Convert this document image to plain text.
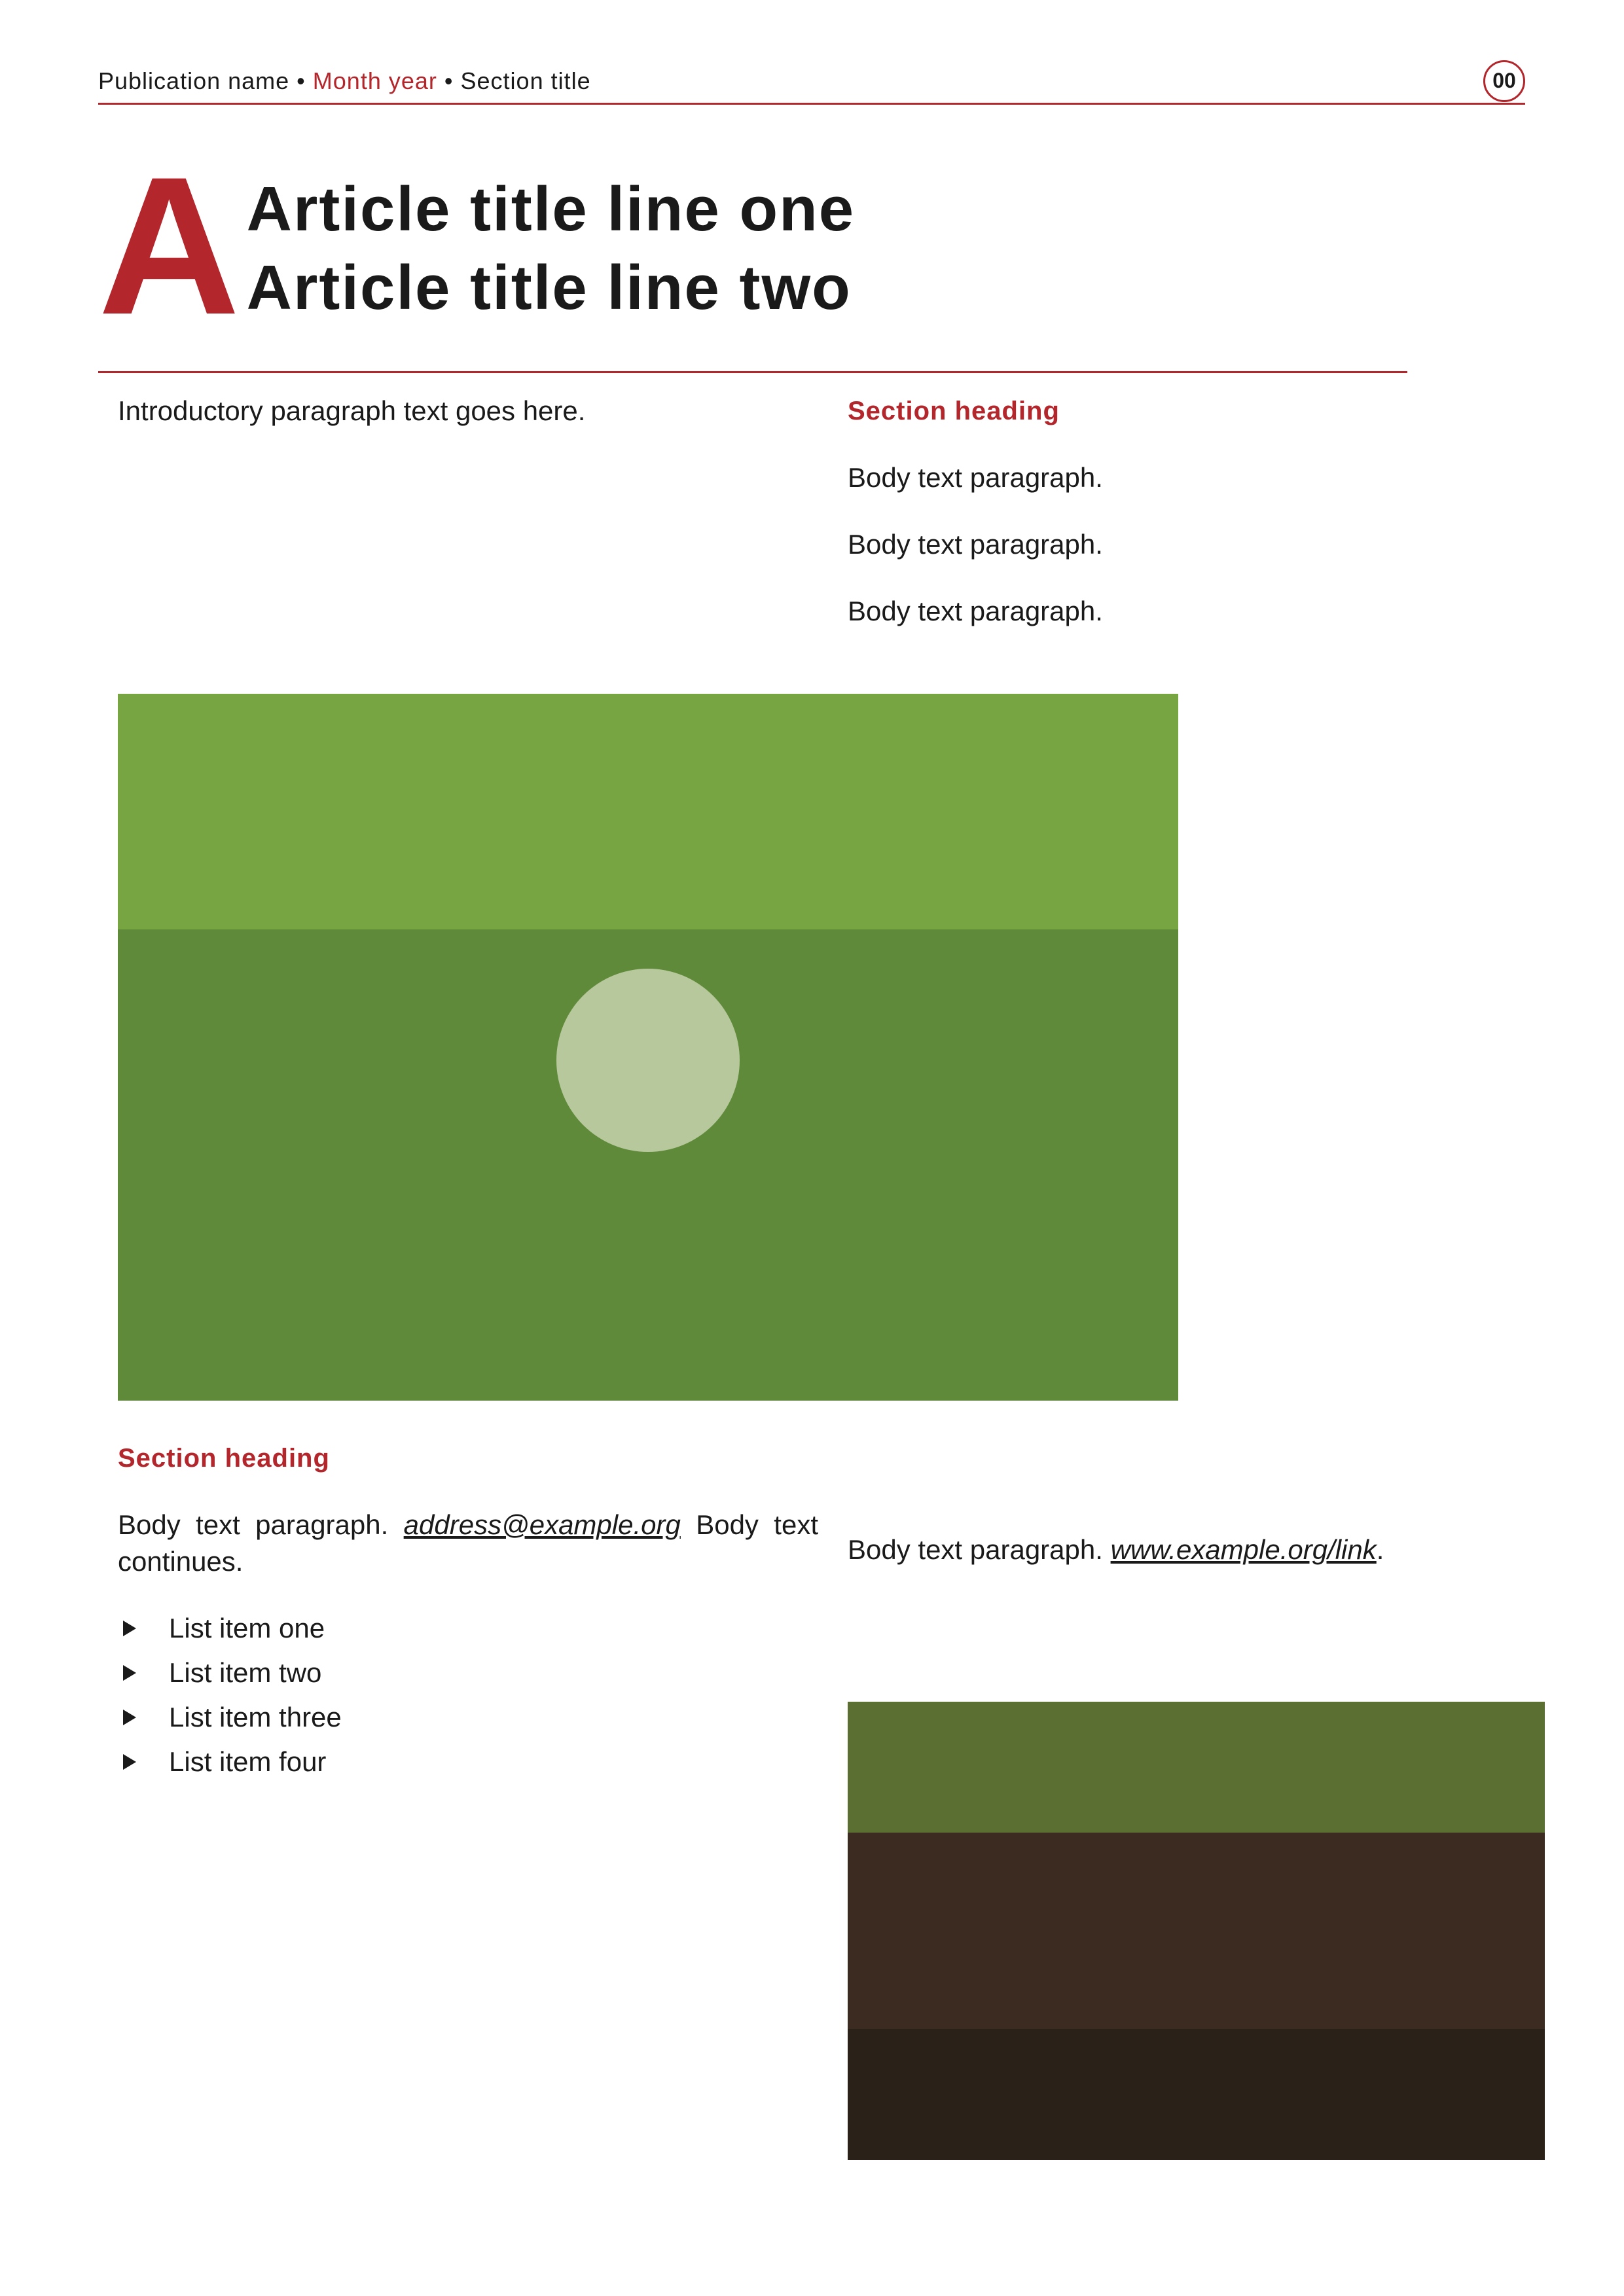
Publication name • Month year • Section title	00
A Article title line one
Article title line two

Introductory paragraph text goes here.	Section heading

Body text paragraph.

Body text paragraph.

Body text paragraph.

Section heading

Body text paragraph. address@example.org Body text continues.

List item one
List item two
List item three
List item four

Body text paragraph. www.example.org/link.
